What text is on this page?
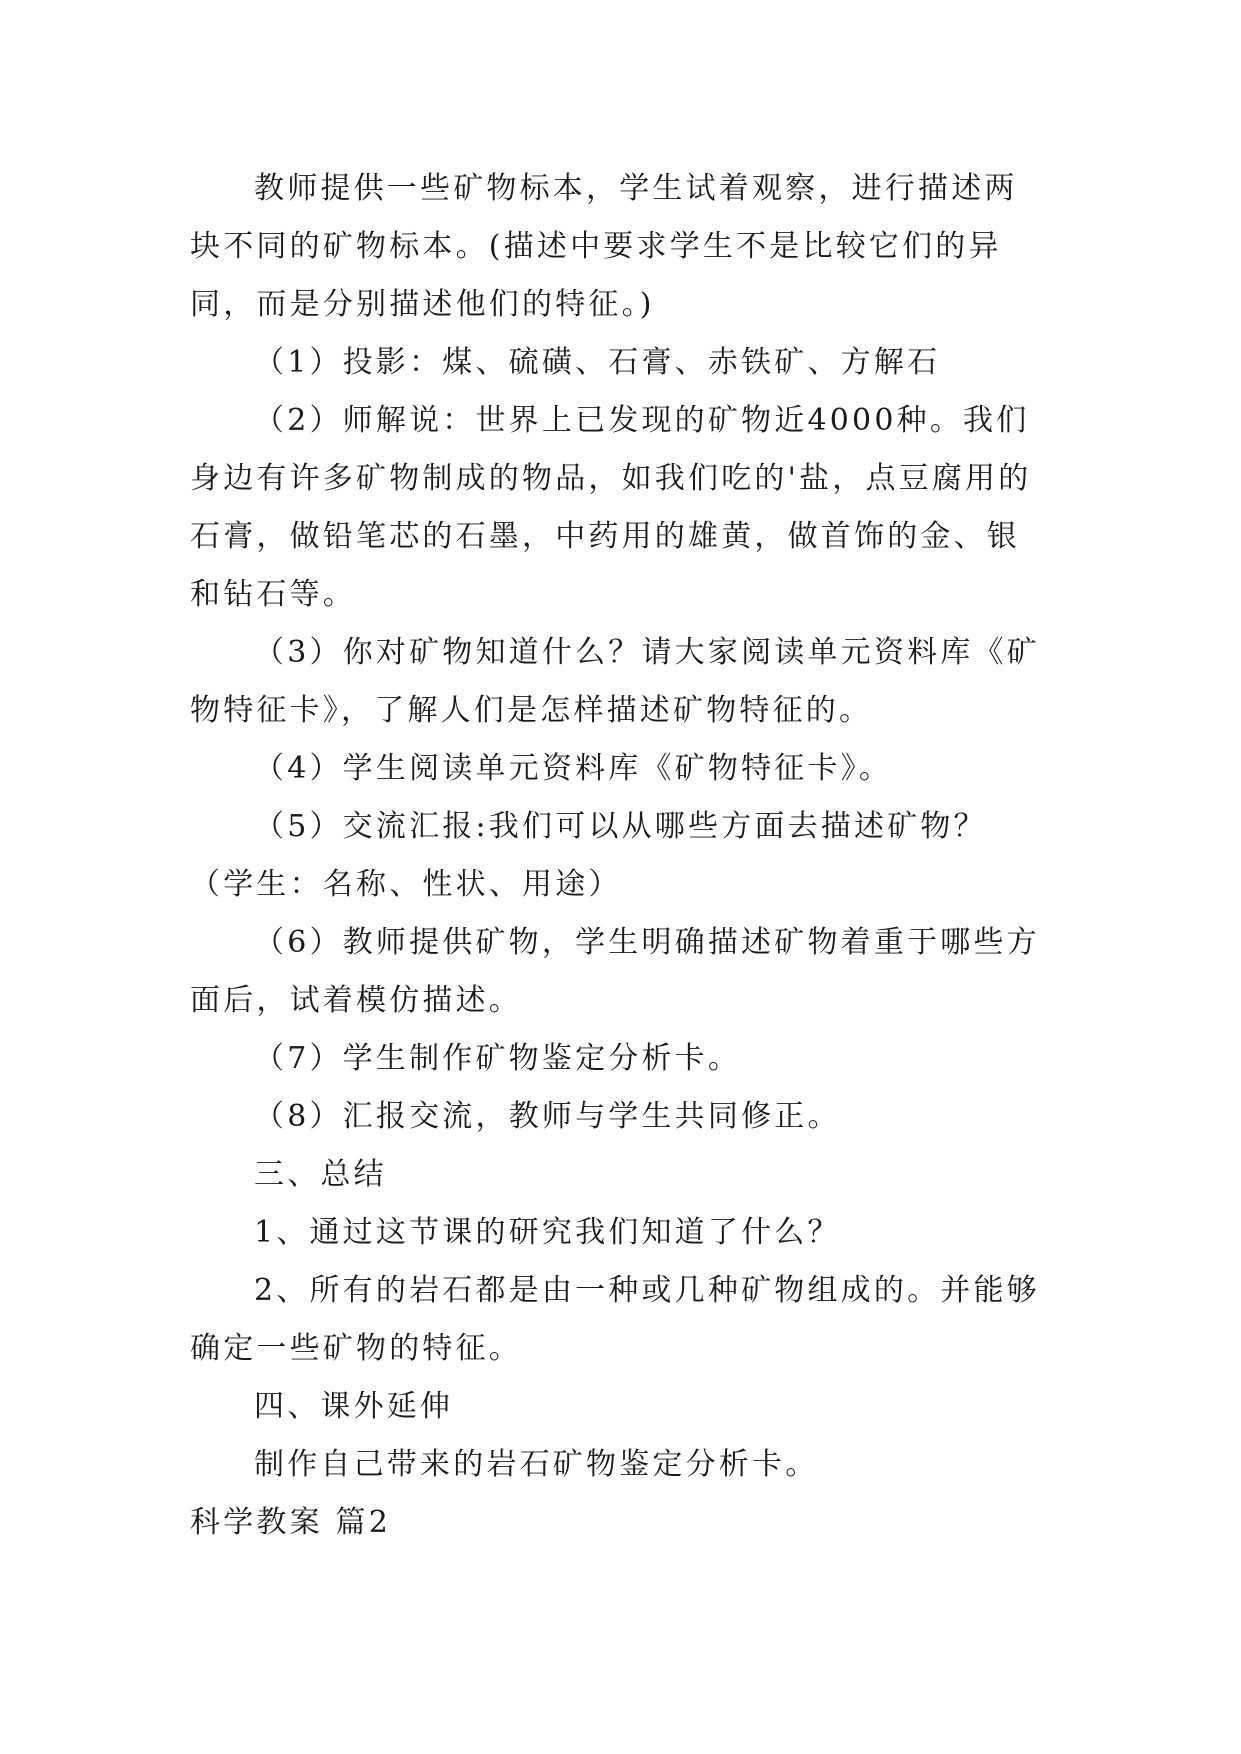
教师提供一些矿物标本，学生试着观察，进行描述两块不同的矿物标本。(描述中要求学生不是比较它们的异同，而是分别描述他们的特征。)

（1）投影：煤、硫磺、石膏、赤铁矿、方解石

（2）师解说：世界上已发现的矿物近4000种。我们身边有许多矿物制成的物品，如我们吃的'盐，点豆腐用的石膏，做铅笔芯的石墨，中药用的雄黄，做首饰的金、银和钻石等。

（3）你对矿物知道什么？请大家阅读单元资料库《矿物特征卡》，了解人们是怎样描述矿物特征的。

（4）学生阅读单元资料库《矿物特征卡》。

（5）交流汇报:我们可以从哪些方面去描述矿物？（学生：名称、性状、用途）

（6）教师提供矿物，学生明确描述矿物着重于哪些方面后，试着模仿描述。

（7）学生制作矿物鉴定分析卡。

（8）汇报交流，教师与学生共同修正。

三、总结

1、通过这节课的研究我们知道了什么？

2、所有的岩石都是由一种或几种矿物组成的。并能够确定一些矿物的特征。

四、课外延伸

制作自己带来的岩石矿物鉴定分析卡。

科学教案 篇2
